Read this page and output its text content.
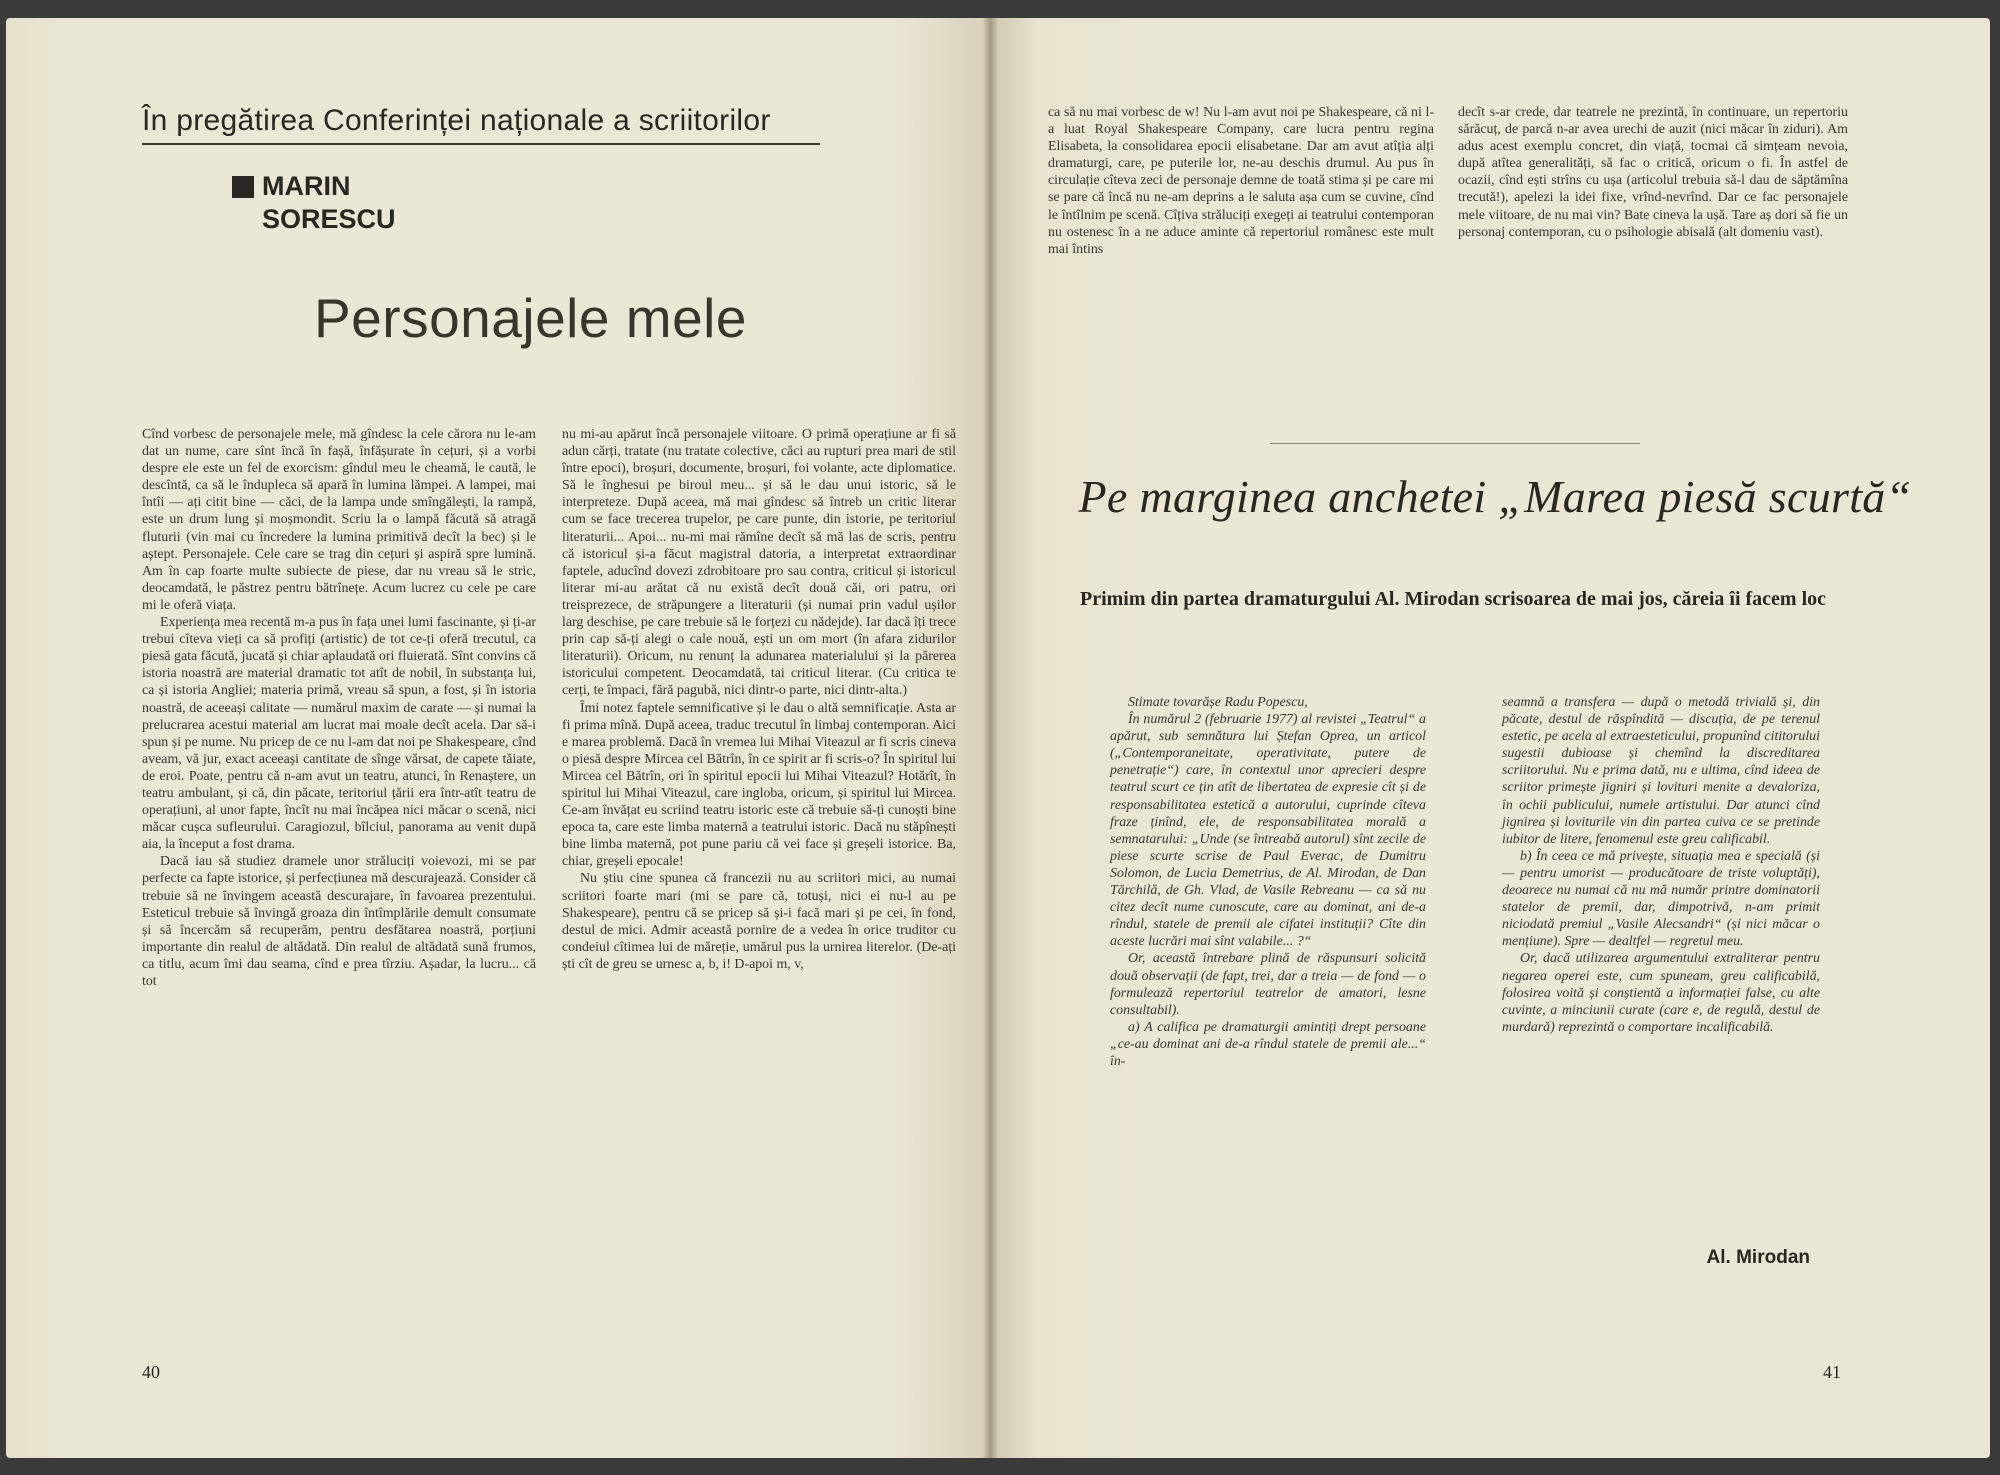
În pregătirea Conferinței naționale a scriitorilor
MARIN
SORESCU
Personajele mele

Cînd vorbesc de personajele mele, mă gîndesc la cele cărora nu le-am dat un nume, care sînt încă în fașă, înfășurate în cețuri, și a vorbi despre ele este un fel de exorcism: gîndul meu le cheamă, le caută, le descîntă, ca să le îndupleca să apară în lumina lămpei. A lampei, mai întîi — ați citit bine — căci, de la lampa unde smîngălești, la rampă, este un drum lung și moșmondit. Scriu la o lampă făcută să atragă fluturii (vin mai cu încredere la lumina primitivă decît la bec) și le aștept. Personajele. Cele care se trag din cețuri și aspiră spre lumină. Am în cap foarte multe subiecte de piese, dar nu vreau să le stric, deocamdată, le păstrez pentru bătrînețe. Acum lucrez cu cele pe care mi le oferă viața.

Experiența mea recentă m-a pus în fața unei lumi fascinante, și ți-ar trebui cîteva vieți ca să profiți (artistic) de tot ce-ți oferă trecutul, ca piesă gata făcută, jucată și chiar aplaudată ori fluierată. Sînt convins că istoria noastră are material dramatic tot atît de nobil, în substanța lui, ca și istoria Angliei; materia primă, vreau să spun, a fost, și în istoria noastră, de aceeași calitate — numărul maxim de carate — și numai la prelucrarea acestui material am lucrat mai moale decît acela. Dar să-i spun și pe nume. Nu pricep de ce nu l-am dat noi pe Shakespeare, cînd aveam, vă jur, exact aceeași cantitate de sînge vărsat, de capete tăiate, de eroi. Poate, pentru că n-am avut un teatru, atunci, în Renaștere, un teatru ambulant, și că, din păcate, teritoriul țării era într-atît teatru de operațiuni, al unor fapte, încît nu mai încăpea nici măcar o scenă, nici măcar cușca sufleurului. Caragiozul, bîlciul, panorama au venit după aia, la început a fost drama.

Dacă iau să studiez dramele unor străluciți voievozi, mi se par perfecte ca fapte istorice, și perfecțiunea mă descurajează. Consider că trebuie să ne învingem această descurajare, în favoarea prezentului. Esteticul trebuie să învingă groaza din întîmplările demult consumate și să încercăm să recuperăm, pentru desfătarea noastră, porțiuni importante din realul de altădată. Din realul de altădată sună frumos, ca titlu, acum îmi dau seama, cînd e prea tîrziu. Așadar, la lucru... că tot

nu mi-au apărut încă personajele viitoare. O primă operațiune ar fi să adun cărți, tratate (nu tratate colective, căci au rupturi prea mari de stil între epoci), broșuri, documente, broșuri, foi volante, acte diplomatice. Să le înghesui pe biroul meu... și să le dau unui istoric, să le interpreteze. După aceea, mă mai gîndesc să întreb un critic literar cum se face trecerea trupelor, pe care punte, din istorie, pe teritoriul literaturii... Apoi... nu-mi mai rămîne decît să mă las de scris, pentru că istoricul și-a făcut magistral datoria, a interpretat extraordinar faptele, aducînd dovezi zdrobitoare pro sau contra, criticul și istoricul literar mi-au arătat că nu există decît două căi, ori patru, ori treisprezece, de străpungere a literaturii (și numai prin vadul ușilor larg deschise, pe care trebuie să le forțezi cu nădejde). Iar dacă îți trece prin cap să-ți alegi o cale nouă, ești un om mort (în afara zidurilor literaturii). Oricum, nu renunț la adunarea materialului și la părerea istoricului competent. Deocamdată, tai criticul literar. (Cu critica te cerți, te împaci, fără pagubă, nici dintr-o parte, nici dintr-alta.)

Îmi notez faptele semnificative și le dau o altă semnificație. Asta ar fi prima mînă. După aceea, traduc trecutul în limbaj contemporan. Aici e marea problemă. Dacă în vremea lui Mihai Viteazul ar fi scris cineva o piesă despre Mircea cel Bătrîn, în ce spirit ar fi scris-o? În spiritul lui Mircea cel Bătrîn, ori în spiritul epocii lui Mihai Viteazul? Hotărît, în spiritul lui Mihai Viteazul, care ingloba, oricum, și spiritul lui Mircea. Ce-am învățat eu scriind teatru istoric este că trebuie să-ți cunoști bine epoca ta, care este limba maternă a teatrului istoric. Dacă nu stăpînești bine limba maternă, pot pune pariu că vei face și greșeli istorice. Ba, chiar, greșeli epocale!

Nu știu cine spunea că francezii nu au scriitori mici, au numai scriitori foarte mari (mi se pare că, totuși, nici ei nu-l au pe Shakespeare), pentru că se pricep să și-i facă mari și pe cei, în fond, destul de mici. Admir această pornire de a vedea în orice truditor cu condeiul cîtimea lui de măreție, umărul pus la urnirea literelor. (De-ați ști cît de greu se urnesc a, b, i! D-apoi m, v,

40

ca să nu mai vorbesc de w! Nu l-am avut noi pe Shakespeare, că ni l-a luat Royal Shakespeare Company, care lucra pentru regina Elisabeta, la consolidarea epocii elisabetane. Dar am avut atîția alți dramaturgi, care, pe puterile lor, ne-au deschis drumul. Au pus în circulație cîteva zeci de personaje demne de toată stima și pe care mi se pare că încă nu ne-am deprins a le saluta așa cum se cuvine, cînd le întîlnim pe scenă. Cîțiva străluciți exegeți ai teatrului contemporan nu ostenesc în a ne aduce aminte că repertoriul românesc este mult mai întins

decît s-ar crede, dar teatrele ne prezintă, în continuare, un repertoriu sărăcuț, de parcă n-ar avea urechi de auzit (nici măcar în ziduri). Am adus acest exemplu concret, din viață, tocmai că simțeam nevoia, după atîtea generalități, să fac o critică, oricum o fi. În astfel de ocazii, cînd ești strîns cu ușa (articolul trebuia să-l dau de săptămîna trecută!), apelezi la idei fixe, vrînd-nevrînd. Dar ce fac personajele mele viitoare, de nu mai vin? Bate cineva la ușă. Tare aș dori să fie un personaj contemporan, cu o psihologie abisală (alt domeniu vast).

Pe marginea anchetei „Marea piesă scurtă“
Primim din partea dramaturgului Al. Mirodan scrisoarea de mai jos, căreia îi facem loc

Stimate tovarășe Radu Popescu,

În numărul 2 (februarie 1977) al revistei „Teatrul“ a apărut, sub semnătura lui Ștefan Oprea, un articol („Contemporaneitate, operativitate, putere de penetrație“) care, în contextul unor aprecieri despre teatrul scurt ce țin atît de libertatea de expresie cît și de responsabilitatea estetică a autorului, cuprinde cîteva fraze ținînd, ele, de responsabilitatea morală a semnatarului: „Unde (se întreabă autorul) sînt zecile de piese scurte scrise de Paul Everac, de Dumitru Solomon, de Lucia Demetrius, de Al. Mirodan, de Dan Tărchilă, de Gh. Vlad, de Vasile Rebreanu — ca să nu citez decît nume cunoscute, care au dominat, ani de-a rîndul, statele de premii ale cifatei instituții? Cîte din aceste lucrări mai sînt valabile... ?“

Or, această întrebare plină de răspunsuri solicită două observații (de fapt, trei, dar a treia — de fond — o formulează repertoriul teatrelor de amatori, lesne consultabil).

a) A califica pe dramaturgii amintiți drept persoane „ce-au dominat ani de-a rîndul statele de premii ale...“ în-

seamnă a transfera — după o metodă trivială și, din păcate, destul de răspîndită — discuția, de pe terenul estetic, pe acela al extraesteticului, propunînd cititorului sugestii dubioase și chemînd la discreditarea scriitorului. Nu e prima dată, nu e ultima, cînd ideea de scriitor primește jigniri și lovituri menite a devaloriza, în ochii publicului, numele artistului. Dar atunci cînd jignirea și loviturile vin din partea cuiva ce se pretinde iubitor de litere, fenomenul este greu calificabil.

b) În ceea ce mă privește, situația mea e specială (și — pentru umorist — producătoare de triste voluptăți), deoarece nu numai că nu mă număr printre dominatorii statelor de premii, dar, dimpotrivă, n-am primit niciodată premiul „Vasile Alecsandri“ (și nici măcar o mențiune). Spre — dealtfel — regretul meu.

Or, dacă utilizarea argumentului extraliterar pentru negarea operei este, cum spuneam, greu calificabilă, folosirea voită și conștientă a informației false, cu alte cuvinte, a minciunii curate (care e, de regulă, destul de murdară) reprezintă o comportare incalificabilă.

Al. Mirodan
41
